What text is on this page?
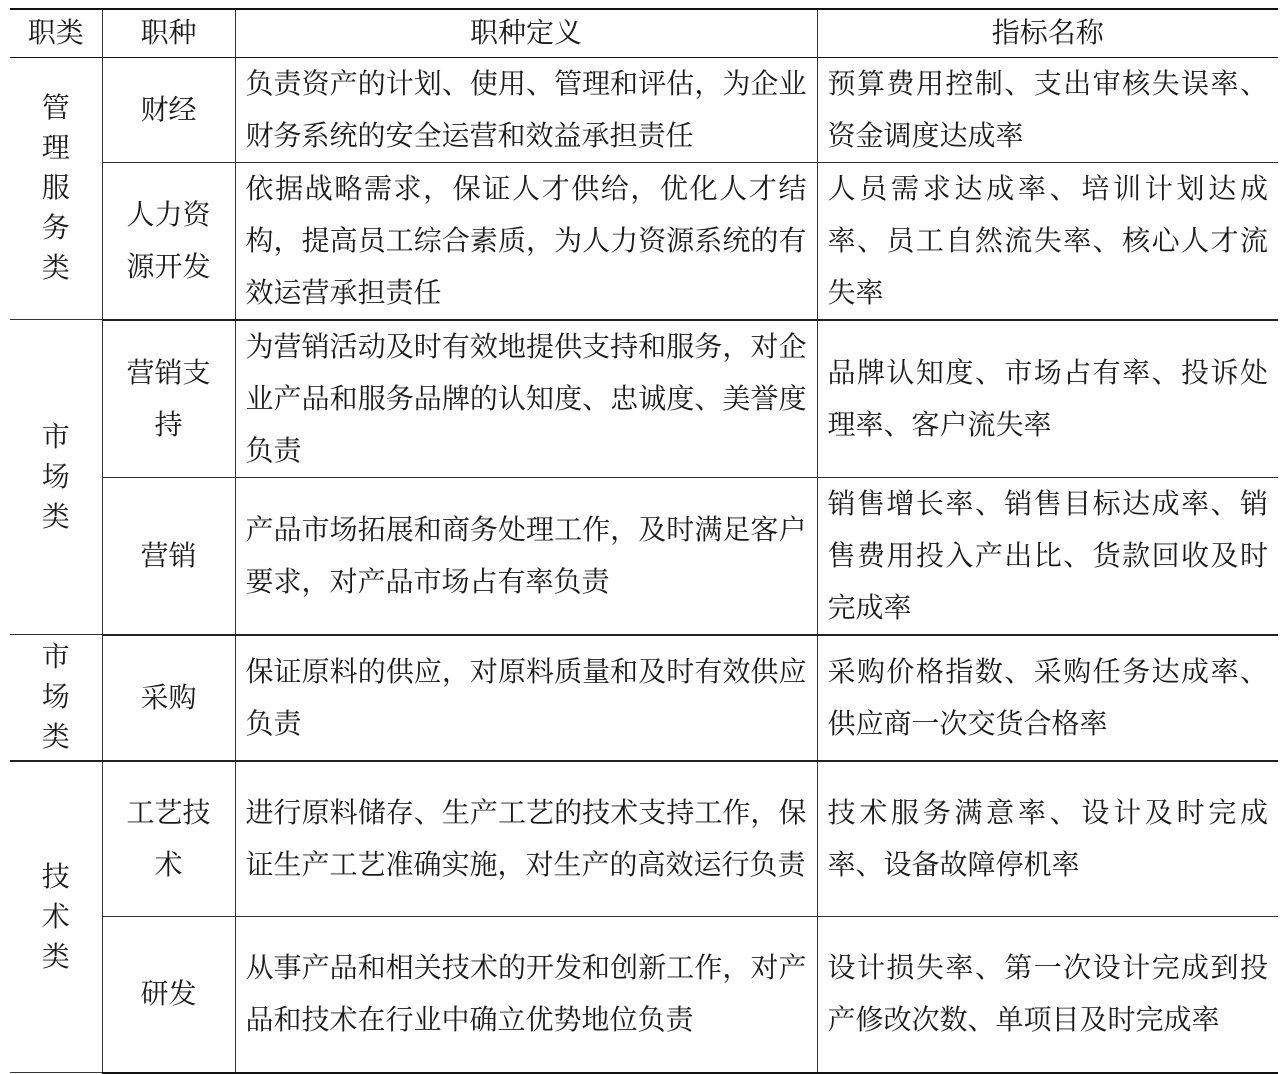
职类	职种	职种定义	指标名称
管理服务类	财经	负责资产的计划、使用、管理和评估，为企业财务系统的安全运营和效益承担责任	预算费用控制、支出审核失误率、资金调度达成率
	人力资源开发	依据战略需求，保证人才供给，优化人才结构，提高员工综合素质，为人力资源系统的有效运营承担责任	人员需求达成率、培训计划达成率、员工自然流失率、核心人才流失率
市场类	营销支持	为营销活动及时有效地提供支持和服务，对企业产品和服务品牌的认知度、忠诚度、美誉度负责	品牌认知度、市场占有率、投诉处理率、客户流失率
	营销	产品市场拓展和商务处理工作，及时满足客户要求，对产品市场占有率负责	销售增长率、销售目标达成率、销售费用投入产出比、货款回收及时完成率
市场类	采购	保证原料的供应，对原料质量和及时有效供应负责	采购价格指数、采购任务达成率、供应商一次交货合格率
技术类	工艺技术	进行原料储存、生产工艺的技术支持工作，保证生产工艺准确实施，对生产的高效运行负责	技术服务满意率、设计及时完成率、设备故障停机率
	研发	从事产品和相关技术的开发和创新工作，对产品和技术在行业中确立优势地位负责	设计损失率、第一次设计完成到投产修改次数、单项目及时完成率
